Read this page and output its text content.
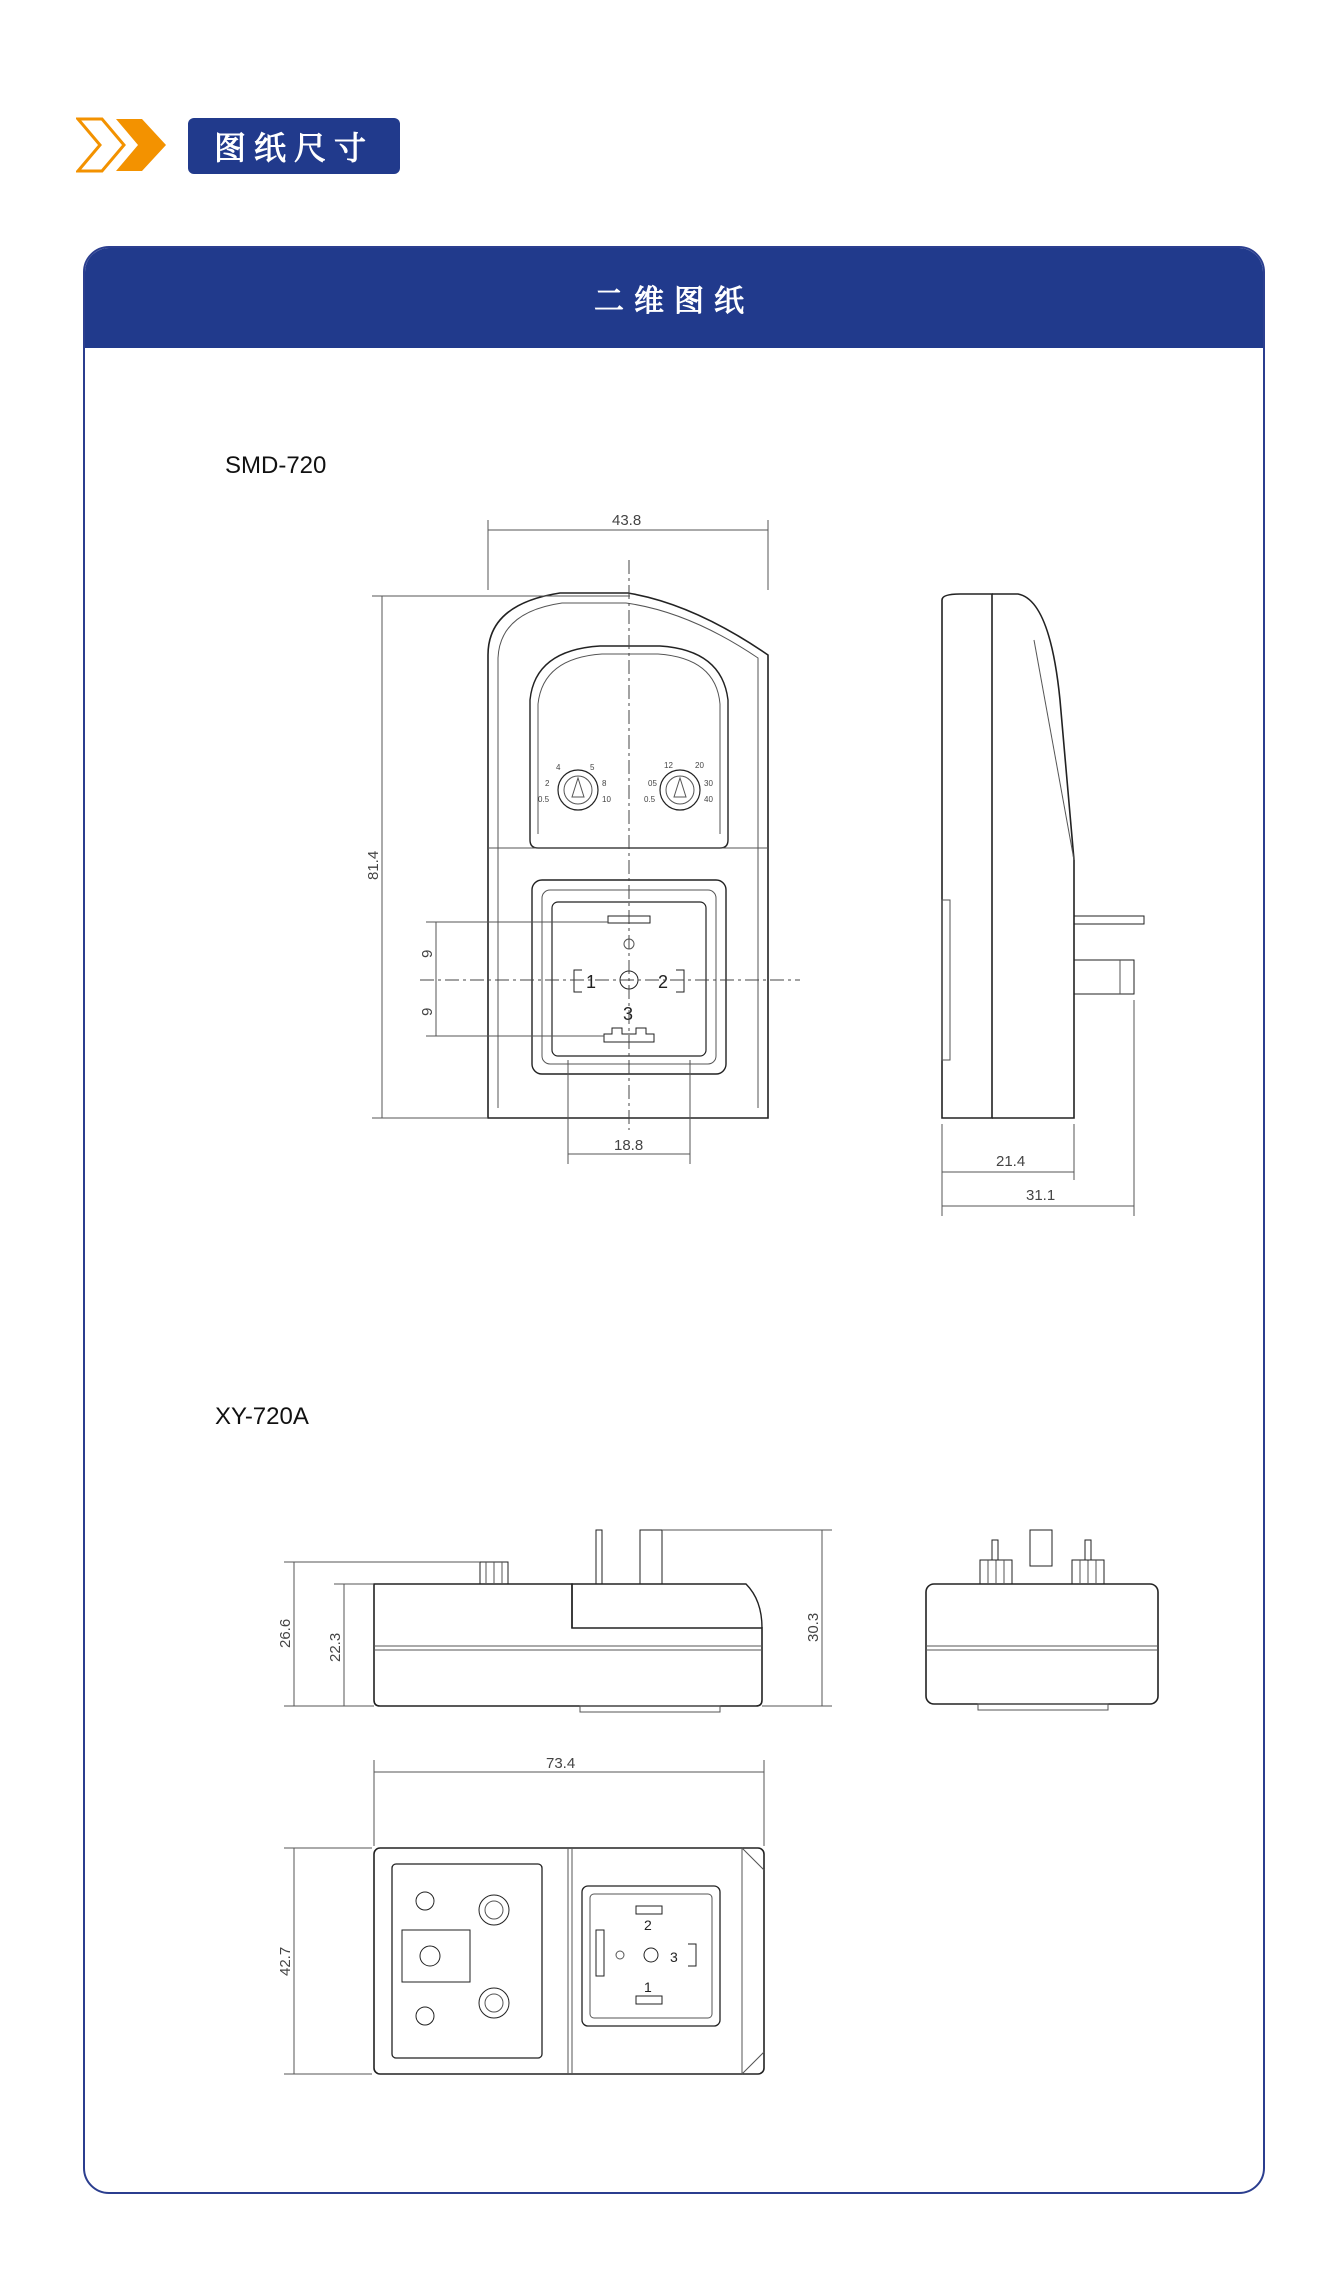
图纸尺寸
二维图纸
SMD-720
XY-720A
4	5
2	8
0.5	10
12	20
05	30
0.5	40
1	2
3
43.8
81.4
9
9
18.8
21.4
31.1
26.6 22.3
30.3
2
3
1
73.4
42.7
